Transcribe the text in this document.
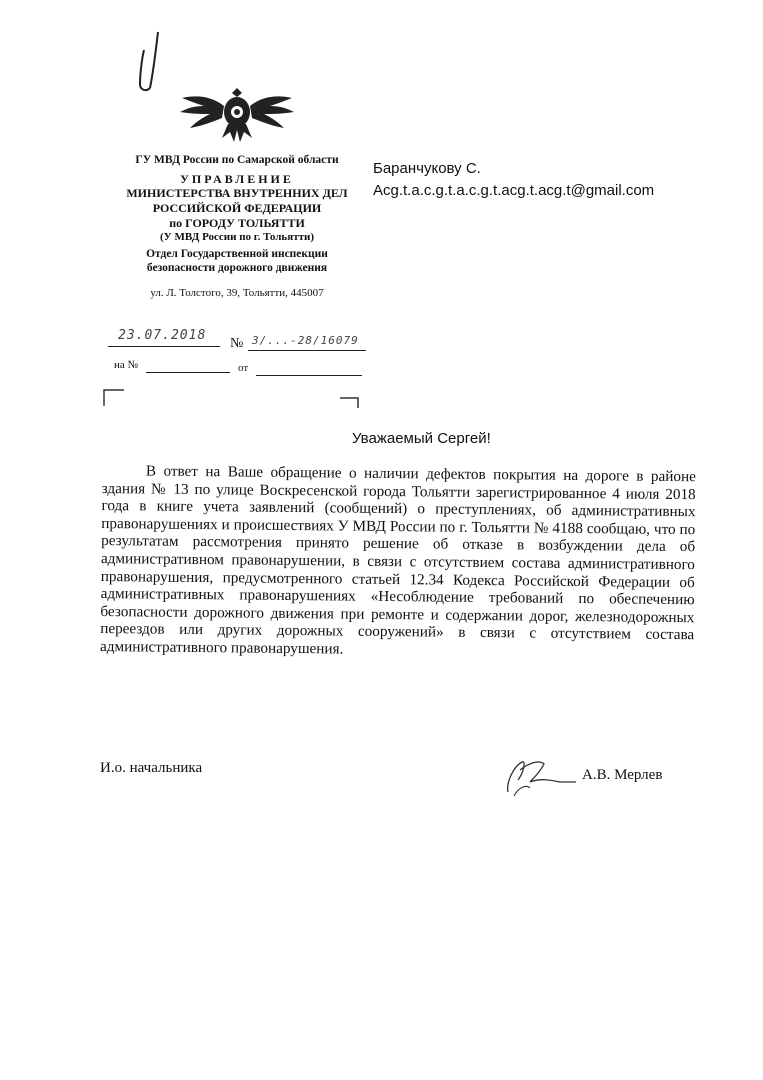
ГУ МВД России по Самарской области
УПРАВЛЕНИЕ
МИНИСТЕРСТВА ВНУТРЕННИХ ДЕЛ
РОССИЙСКОЙ ФЕДЕРАЦИИ
по ГОРОДУ ТОЛЬЯТТИ
(У МВД России по г. Тольятти)
Отдел Государственной инспекции
безопасности дорожного движения
ул. Л. Толстого, 39, Тольятти, 445007
23.07.2018
№ 3/...-28/16079
на №	от
Баранчукову С.
Acg.t.a.c.g.t.a.c.g.t.acg.t.acg.t@gmail.com
Уважаемый Сергей!
В ответ на Ваше обращение о наличии дефектов покрытия на дороге в районе здания № 13 по улице Воскресенской города Тольятти зарегистрированное 4 июля 2018 года в книге учета заявлений (сообщений) о преступлениях, об административных правонарушениях и происшествиях У МВД России по г. Тольятти № 4188 сообщаю, что по результатам рассмотрения принято решение об отказе в возбуждении дела об административном правонарушении, в связи с отсутствием состава административного правонарушения, предусмотренного статьей 12.34 Кодекса Российской Федерации об административных правонарушениях «Несоблюдение требований по обеспечению безопасности дорожного движения при ремонте и содержании дорог, железнодорожных переездов или других дорожных сооружений» в связи с отсутствием состава административного правонарушения.
И.о. начальника	А.В. Мерлев
